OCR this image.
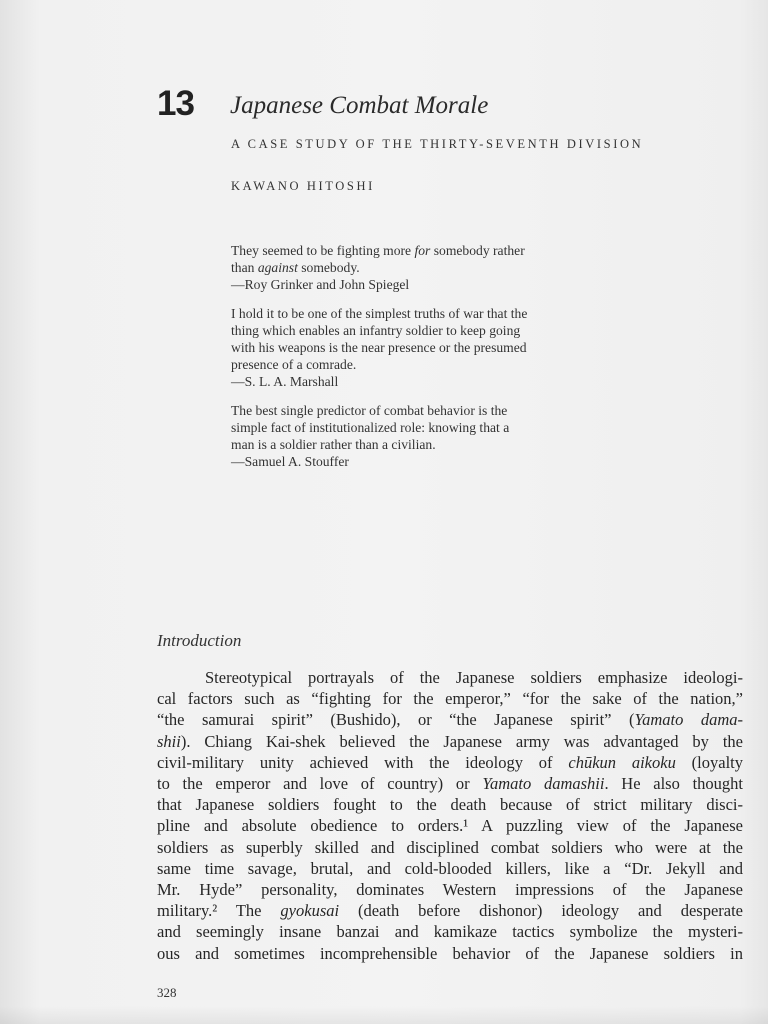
13 Japanese Combat Morale
A CASE STUDY OF THE THIRTY-SEVENTH DIVISION
KAWANO HITOSHI
They seemed to be fighting more for somebody rather
than against somebody.
—Roy Grinker and John Spiegel
I hold it to be one of the simplest truths of war that the
thing which enables an infantry soldier to keep going
with his weapons is the near presence or the presumed
presence of a comrade.
—S. L. A. Marshall
The best single predictor of combat behavior is the
simple fact of institutionalized role: knowing that a
man is a soldier rather than a civilian.
—Samuel A. Stouffer
Introduction
Stereotypical portrayals of the Japanese soldiers emphasize ideologi-
cal factors such as “fighting for the emperor,” “for the sake of the nation,”
“the samurai spirit” (Bushido), or “the Japanese spirit” (Yamato dama-
shii). Chiang Kai-shek believed the Japanese army was advantaged by the
civil-military unity achieved with the ideology of chūkun aikoku (loyalty
to the emperor and love of country) or Yamato damashii. He also thought
that Japanese soldiers fought to the death because of strict military disci-
pline and absolute obedience to orders.¹ A puzzling view of the Japanese
soldiers as superbly skilled and disciplined combat soldiers who were at the
same time savage, brutal, and cold-blooded killers, like a “Dr. Jekyll and
Mr. Hyde” personality, dominates Western impressions of the Japanese
military.² The gyokusai (death before dishonor) ideology and desperate
and seemingly insane banzai and kamikaze tactics symbolize the mysteri-
ous and sometimes incomprehensible behavior of the Japanese soldiers in
328
